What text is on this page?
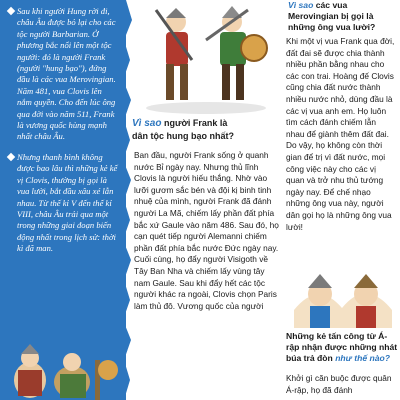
Sau khi người Hung rời đi, châu Âu được bỏ lại cho các tộc người Barbarian. Ở phương bắc nổi lên một tộc người: đó là người Frank (người "hung bạo"), đứng đầu là các vua Merovingian. Năm 481, vua Clovis lên nắm quyền. Cho đến lúc ông qua đời vào năm 511, Frank là vương quốc hùng mạnh nhất châu Âu.
Nhưng thanh bình không được bao lâu thì những kẻ kế vị Clovis, thường bị gọi là vua lười, bắt đầu xâu xé lẫn nhau. Từ thế kỉ V đến thế kỉ VIII, châu Âu trải qua một trong những giai đoạn biến động nhất trong lịch sử: thời kì đã man.
Vì sao người Frank là
dân tộc hung bạo nhất?
Ban đầu, người Frank sống ở quanh nước Bỉ ngày nay. Nhưng thủ lĩnh Clovis là người hiếu thắng. Nhờ vào lưỡi gươm sắc bén và đội kị binh tinh nhuệ của mình, người Frank đã đánh người La Mã, chiếm lấy phần đất phía bắc xứ Gaule vào năm 486. Sau đó, họ cạn quét tiếp người Alemanni chiếm phần đất phía bắc nước Đức ngày nay. Cuối cùng, họ đẩy người Visigoth về Tây Ban Nha và chiếm lấy vùng tây nam Gaule. Sau khi đẩy hết các tộc người khác ra ngoài, Clovis chọn Paris làm thủ đô. Vương quốc của người
Vì sao các vua Merovingian bị gọi là những ông vua lười?
Khi một vị vua Frank qua đời, đất đai sẽ được chia thành nhiều phần bằng nhau cho các con trai. Hoàng đế Clovis cũng chia đất nước thành nhiều nước nhỏ, dùng đầu là các vị vua anh em. Họ luôn tìm cách đánh chiếm lẫn nhau để giành thêm đất đai. Do vậy, họ không còn thời gian để trị vì đất nước, mọi công việc này cho các vị quan và trở nhu thủ tướng ngày nay. Để chế nhạo những ông vua này, người dân gọi họ là những ông vua lười!
Những kẻ tấn công từ Á-rập nhận được những nhát búa trả đòn như thế nào?
Khởi gì căn buộc được quân Á-rập, họ đã đánh
